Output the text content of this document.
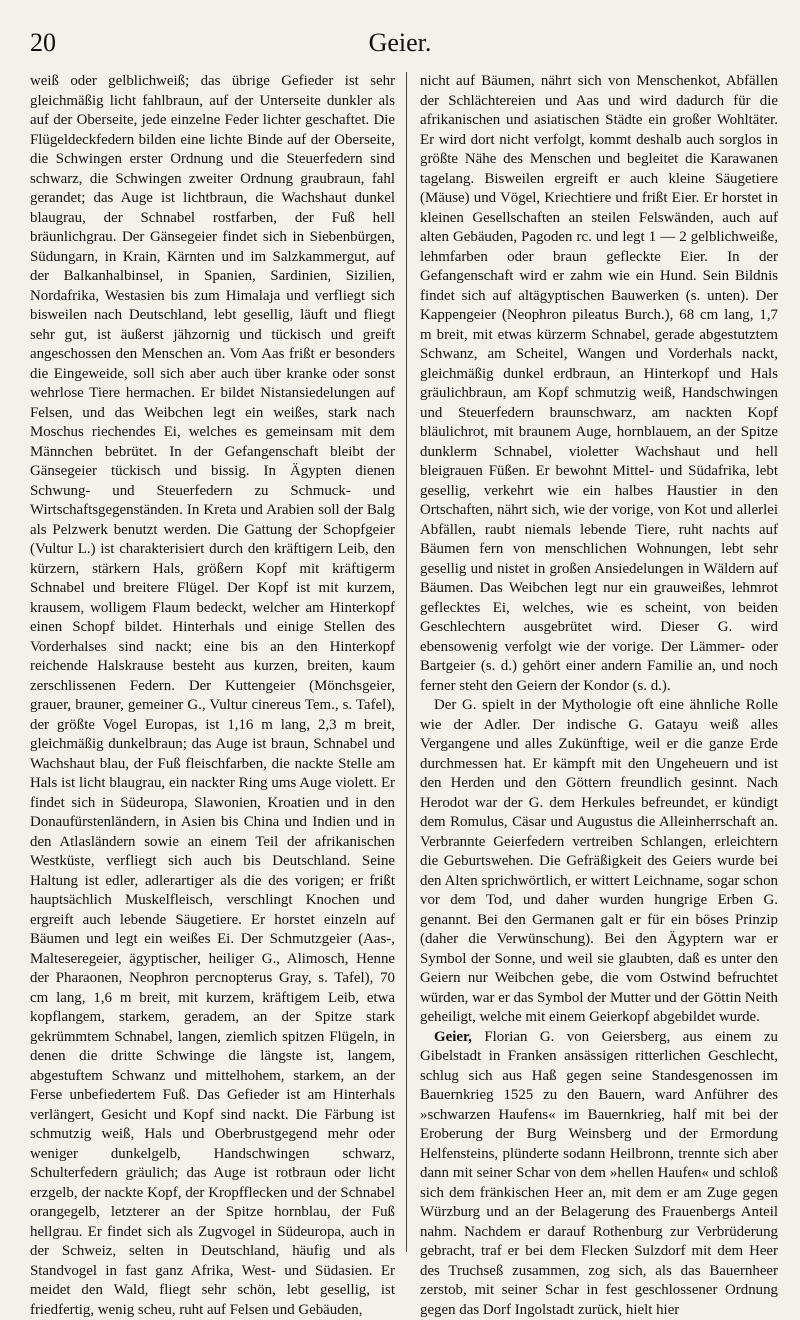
20	Geier.

weiß oder gelblichweiß; das übrige Gefieder ist sehr gleichmäßig licht fahlbraun, auf der Unterseite dunkler als auf der Oberseite, jede einzelne Feder lichter geschaftet. Die Flügeldeckfedern bilden eine lichte Binde auf der Oberseite, die Schwingen erster Ordnung und die Steuerfedern sind schwarz, die Schwingen zweiter Ordnung graubraun, fahl gerandet; das Auge ist lichtbraun, die Wachshaut dunkel blaugrau, der Schnabel rostfarben, der Fuß hell bräunlichgrau. Der Gänsegeier findet sich in Siebenbürgen, Südungarn, in Krain, Kärnten und im Salzkammergut, auf der Balkanhalbinsel, in Spanien, Sardinien, Sizilien, Nordafrika, Westasien bis zum Himalaja und verfliegt sich bisweilen nach Deutschland, lebt gesellig, läuft und fliegt sehr gut, ist äußerst jähzornig und tückisch und greift angeschossen den Menschen an. Vom Aas frißt er besonders die Eingeweide, soll sich aber auch über kranke oder sonst wehrlose Tiere hermachen. Er bildet Nistansiedelungen auf Felsen, und das Weibchen legt ein weißes, stark nach Moschus riechendes Ei, welches es gemeinsam mit dem Männchen bebrütet. In der Gefangenschaft bleibt der Gänsegeier tückisch und bissig. In Ägypten dienen Schwung- und Steuerfedern zu Schmuck- und Wirtschaftsgegenständen. In Kreta und Arabien soll der Balg als Pelzwerk benutzt werden. Die Gattung der Schopfgeier (Vultur L.) ist charakterisiert durch den kräftigern Leib, den kürzern, stärkern Hals, größern Kopf mit kräftigerm Schnabel und breitere Flügel. Der Kopf ist mit kurzem, krausem, wolligem Flaum bedeckt, welcher am Hinterkopf einen Schopf bildet. Hinterhals und einige Stellen des Vorderhalses sind nackt; eine bis an den Hinterkopf reichende Halskrause besteht aus kurzen, breiten, kaum zerschlissenen Federn. Der Kuttengeier (Mönchsgeier, grauer, brauner, gemeiner G., Vultur cinereus Tem., s. Tafel), der größte Vogel Europas, ist 1,16 m lang, 2,3 m breit, gleichmäßig dunkelbraun; das Auge ist braun, Schnabel und Wachshaut blau, der Fuß fleischfarben, die nackte Stelle am Hals ist licht blaugrau, ein nackter Ring ums Auge violett. Er findet sich in Südeuropa, Slawonien, Kroatien und in den Donaufürstenländern, in Asien bis China und Indien und in den Atlasländern sowie an einem Teil der afrikanischen Westküste, verfliegt sich auch bis Deutschland. Seine Haltung ist edler, adlerartiger als die des vorigen; er frißt hauptsächlich Muskelfleisch, verschlingt Knochen und ergreift auch lebende Säugetiere. Er horstet einzeln auf Bäumen und legt ein weißes Ei. Der Schmutzgeier (Aas-, Malteseregeier, ägyptischer, heiliger G., Alimosch, Henne der Pharaonen, Neophron percnopterus Gray, s. Tafel), 70 cm lang, 1,6 m breit, mit kurzem, kräftigem Leib, etwa kopflangem, starkem, geradem, an der Spitze stark gekrümmtem Schnabel, langen, ziemlich spitzen Flügeln, in denen die dritte Schwinge die längste ist, langem, abgestuftem Schwanz und mittelhohem, starkem, an der Ferse unbefiedertem Fuß. Das Gefieder ist am Hinterhals verlängert, Gesicht und Kopf sind nackt. Die Färbung ist schmutzig weiß, Hals und Oberbrustgegend mehr oder weniger dunkelgelb, Handschwingen schwarz, Schulterfedern gräulich; das Auge ist rotbraun oder licht erzgelb, der nackte Kopf, der Kropfflecken und der Schnabel orangegelb, letzterer an der Spitze hornblau, der Fuß hellgrau. Er findet sich als Zugvogel in Südeuropa, auch in der Schweiz, selten in Deutschland, häufig und als Standvogel in fast ganz Afrika, West- und Südasien. Er meidet den Wald, fliegt sehr schön, lebt gesellig, ist friedfertig, wenig scheu, ruht auf Felsen und Gebäuden,

nicht auf Bäumen, nährt sich von Menschenkot, Abfällen der Schlächtereien und Aas und wird dadurch für die afrikanischen und asiatischen Städte ein großer Wohltäter. Er wird dort nicht verfolgt, kommt deshalb auch sorglos in größte Nähe des Menschen und begleitet die Karawanen tagelang. Bisweilen ergreift er auch kleine Säugetiere (Mäuse) und Vögel, Kriechtiere und frißt Eier. Er horstet in kleinen Gesellschaften an steilen Felswänden, auch auf alten Gebäuden, Pagoden rc. und legt 1 — 2 gelblichweiße, lehmfarben oder braun gefleckte Eier. In der Gefangenschaft wird er zahm wie ein Hund. Sein Bildnis findet sich auf altägyptischen Bauwerken (s. unten). Der Kappengeier (Neophron pileatus Burch.), 68 cm lang, 1,7 m breit, mit etwas kürzerm Schnabel, gerade abgestutztem Schwanz, am Scheitel, Wangen und Vorderhals nackt, gleichmäßig dunkel erdbraun, an Hinterkopf und Hals gräulichbraun, am Kopf schmutzig weiß, Handschwingen und Steuerfedern braunschwarz, am nackten Kopf bläulichrot, mit braunem Auge, hornblauem, an der Spitze dunklerm Schnabel, violetter Wachshaut und hell bleigrauen Füßen. Er bewohnt Mittel- und Südafrika, lebt gesellig, verkehrt wie ein halbes Haustier in den Ortschaften, nährt sich, wie der vorige, von Kot und allerlei Abfällen, raubt niemals lebende Tiere, ruht nachts auf Bäumen fern von menschlichen Wohnungen, lebt sehr gesellig und nistet in großen Ansiedelungen in Wäldern auf Bäumen. Das Weibchen legt nur ein grauweißes, lehmrot geflecktes Ei, welches, wie es scheint, von beiden Geschlechtern ausgebrütet wird. Dieser G. wird ebensowenig verfolgt wie der vorige. Der Lämmer- oder Bartgeier (s. d.) gehört einer andern Familie an, und noch ferner steht den Geiern der Kondor (s. d.).

Der G. spielt in der Mythologie oft eine ähnliche Rolle wie der Adler. Der indische G. Gatayu weiß alles Vergangene und alles Zukünftige, weil er die ganze Erde durchmessen hat. Er kämpft mit den Ungeheuern und ist den Herden und den Göttern freundlich gesinnt. Nach Herodot war der G. dem Herkules befreundet, er kündigt dem Romulus, Cäsar und Augustus die Alleinherrschaft an. Verbrannte Geierfedern vertreiben Schlangen, erleichtern die Geburtswehen. Die Gefräßigkeit des Geiers wurde bei den Alten sprichwörtlich, er wittert Leichname, sogar schon vor dem Tod, und daher wurden hungrige Erben G. genannt. Bei den Germanen galt er für ein böses Prinzip (daher die Verwünschung). Bei den Ägyptern war er Symbol der Sonne, und weil sie glaubten, daß es unter den Geiern nur Weibchen gebe, die vom Ostwind befruchtet würden, war er das Symbol der Mutter und der Göttin Neith geheiligt, welche mit einem Geierkopf abgebildet wurde.

Geier, Florian G. von Geiersberg, aus einem zu Gibelstadt in Franken ansässigen ritterlichen Geschlecht, schlug sich aus Haß gegen seine Standesgenossen im Bauernkrieg 1525 zu den Bauern, ward Anführer des »schwarzen Haufens« im Bauernkrieg, half mit bei der Eroberung der Burg Weinsberg und der Ermordung Helfensteins, plünderte sodann Heilbronn, trennte sich aber dann mit seiner Schar von dem »hellen Haufen« und schloß sich dem fränkischen Heer an, mit dem er am Zuge gegen Würzburg und an der Belagerung des Frauenbergs Anteil nahm. Nachdem er darauf Rothenburg zur Verbrüderung gebracht, traf er bei dem Flecken Sulzdorf mit dem Heer des Truchseß zusammen, zog sich, als das Bauernheer zerstob, mit seiner Schar in fest geschlossener Ordnung gegen das Dorf Ingolstadt zurück, hielt hier
